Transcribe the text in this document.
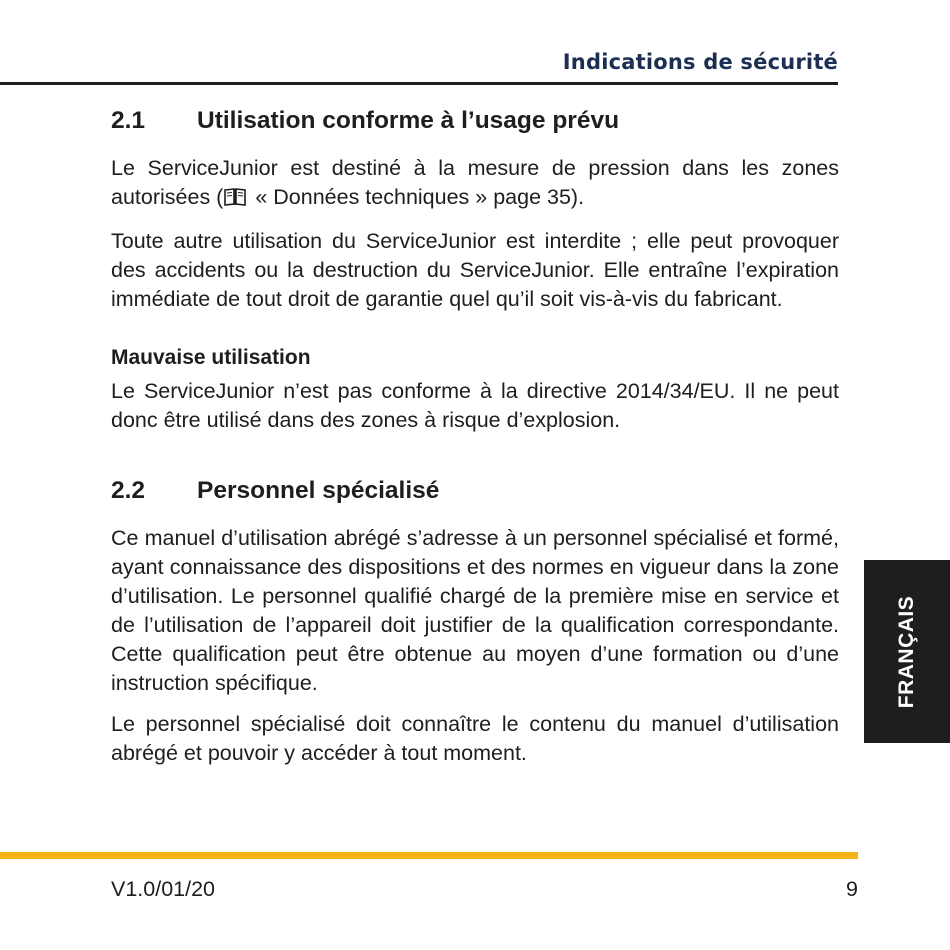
Indications de sécurité
2.1	Utilisation conforme à l’usage prévu

Le ServiceJunior est destiné à la mesure de pression dans les zones autorisées ( « Données techniques » page 35).

Toute autre utilisation du ServiceJunior est interdite ; elle peut provoquer des accidents ou la destruction du ServiceJunior. Elle entraîne l’expiration immédiate de tout droit de garantie quel qu’il soit vis-à-vis du fabricant.

Mauvaise utilisation

Le ServiceJunior n’est pas conforme à la directive 2014/34/EU. Il ne peut donc être utilisé dans des zones à risque d’explosion.

2.2	Personnel spécialisé

Ce manuel d’utilisation abrégé s’adresse à un personnel spécialisé et formé, ayant connaissance des dispositions et des normes en vigueur dans la zone d’utilisation. Le personnel qualifié chargé de la première mise en service et de l’utilisation de l’appareil doit justifier de la qualification correspondante. Cette qualification peut être obtenue au moyen d’une formation ou d’une instruction spécifique.

Le personnel spécialisé doit connaître le contenu du manuel d’utilisation abrégé et pouvoir y accéder à tout moment.

FRANÇAIS
V1.0/01/20	9
